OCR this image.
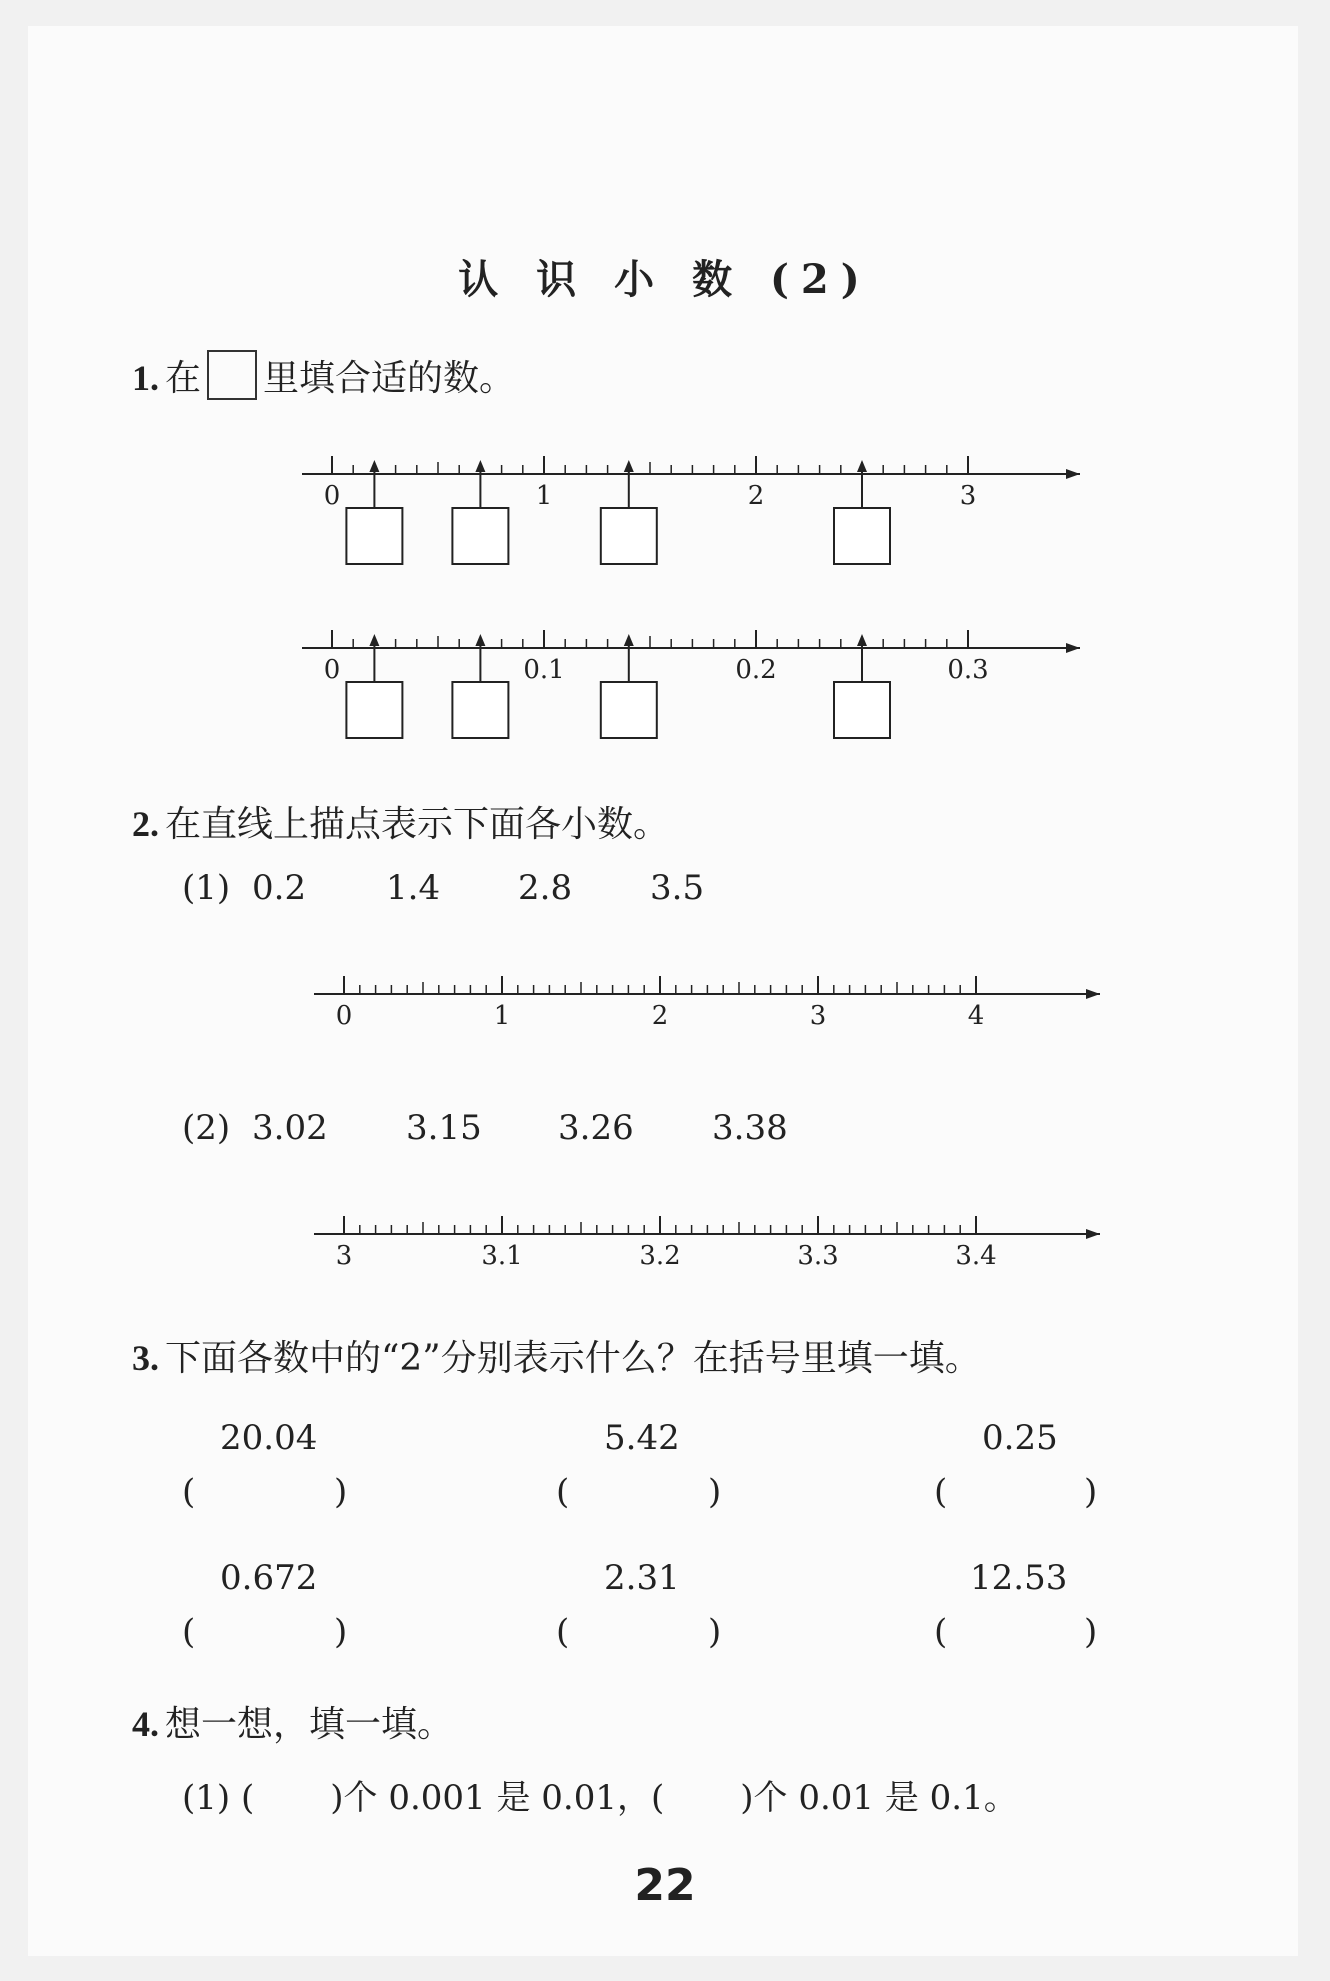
认 识 小 数 (2)
1. 在 里填合适的数。
0	1	2	3
0	0.1	0.2	0.3
2. 在直线上描点表示下面各小数。
(1) 0.2 1.4 2.8 3.5
0	1	2	3	4
(2) 3.02 3.15 3.26 3.38
3	3.1	3.2	3.3	3.4
3. 下面各数中的“2”分别表示什么？在括号里填一填。
20.04	5.42	0.25
(	)	(	)	(	)
0.672	2.31	12.53
(	)	(	)	(	)
4. 想一想，填一填。
(1) ( )个 0.001 是 0.01，( )个 0.01 是 0.1。
22
